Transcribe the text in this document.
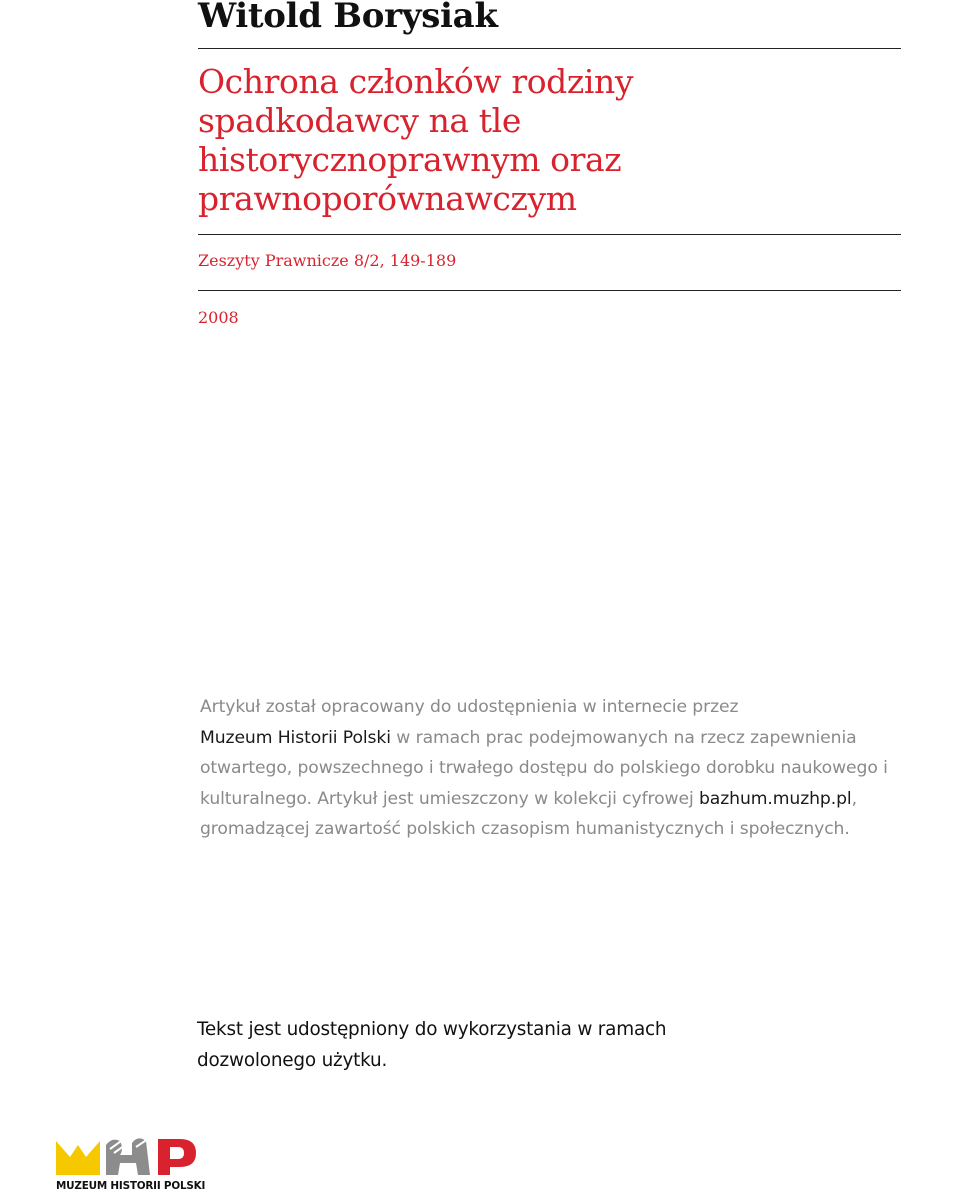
Witold Borysiak
Ochrona członków rodziny
spadkodawcy na tle
historycznoprawnym oraz
prawnoporównawczym
Zeszyty Prawnicze 8/2, 149-189
2008

Artykuł został opracowany do udostępnienia w internecie przez
Muzeum Historii Polski w ramach prac podejmowanych na rzecz zapewnienia otwartego, powszechnego i trwałego dostępu do polskiego dorobku naukowego i kulturalnego. Artykuł jest umieszczony w kolekcji cyfrowej bazhum.muzhp.pl, gromadzącej zawartość polskich czasopism humanistycznych i społecznych.

Tekst jest udostępniony do wykorzystania w ramach
dozwolonego użytku.

MUZEUM HISTORII POLSKI
